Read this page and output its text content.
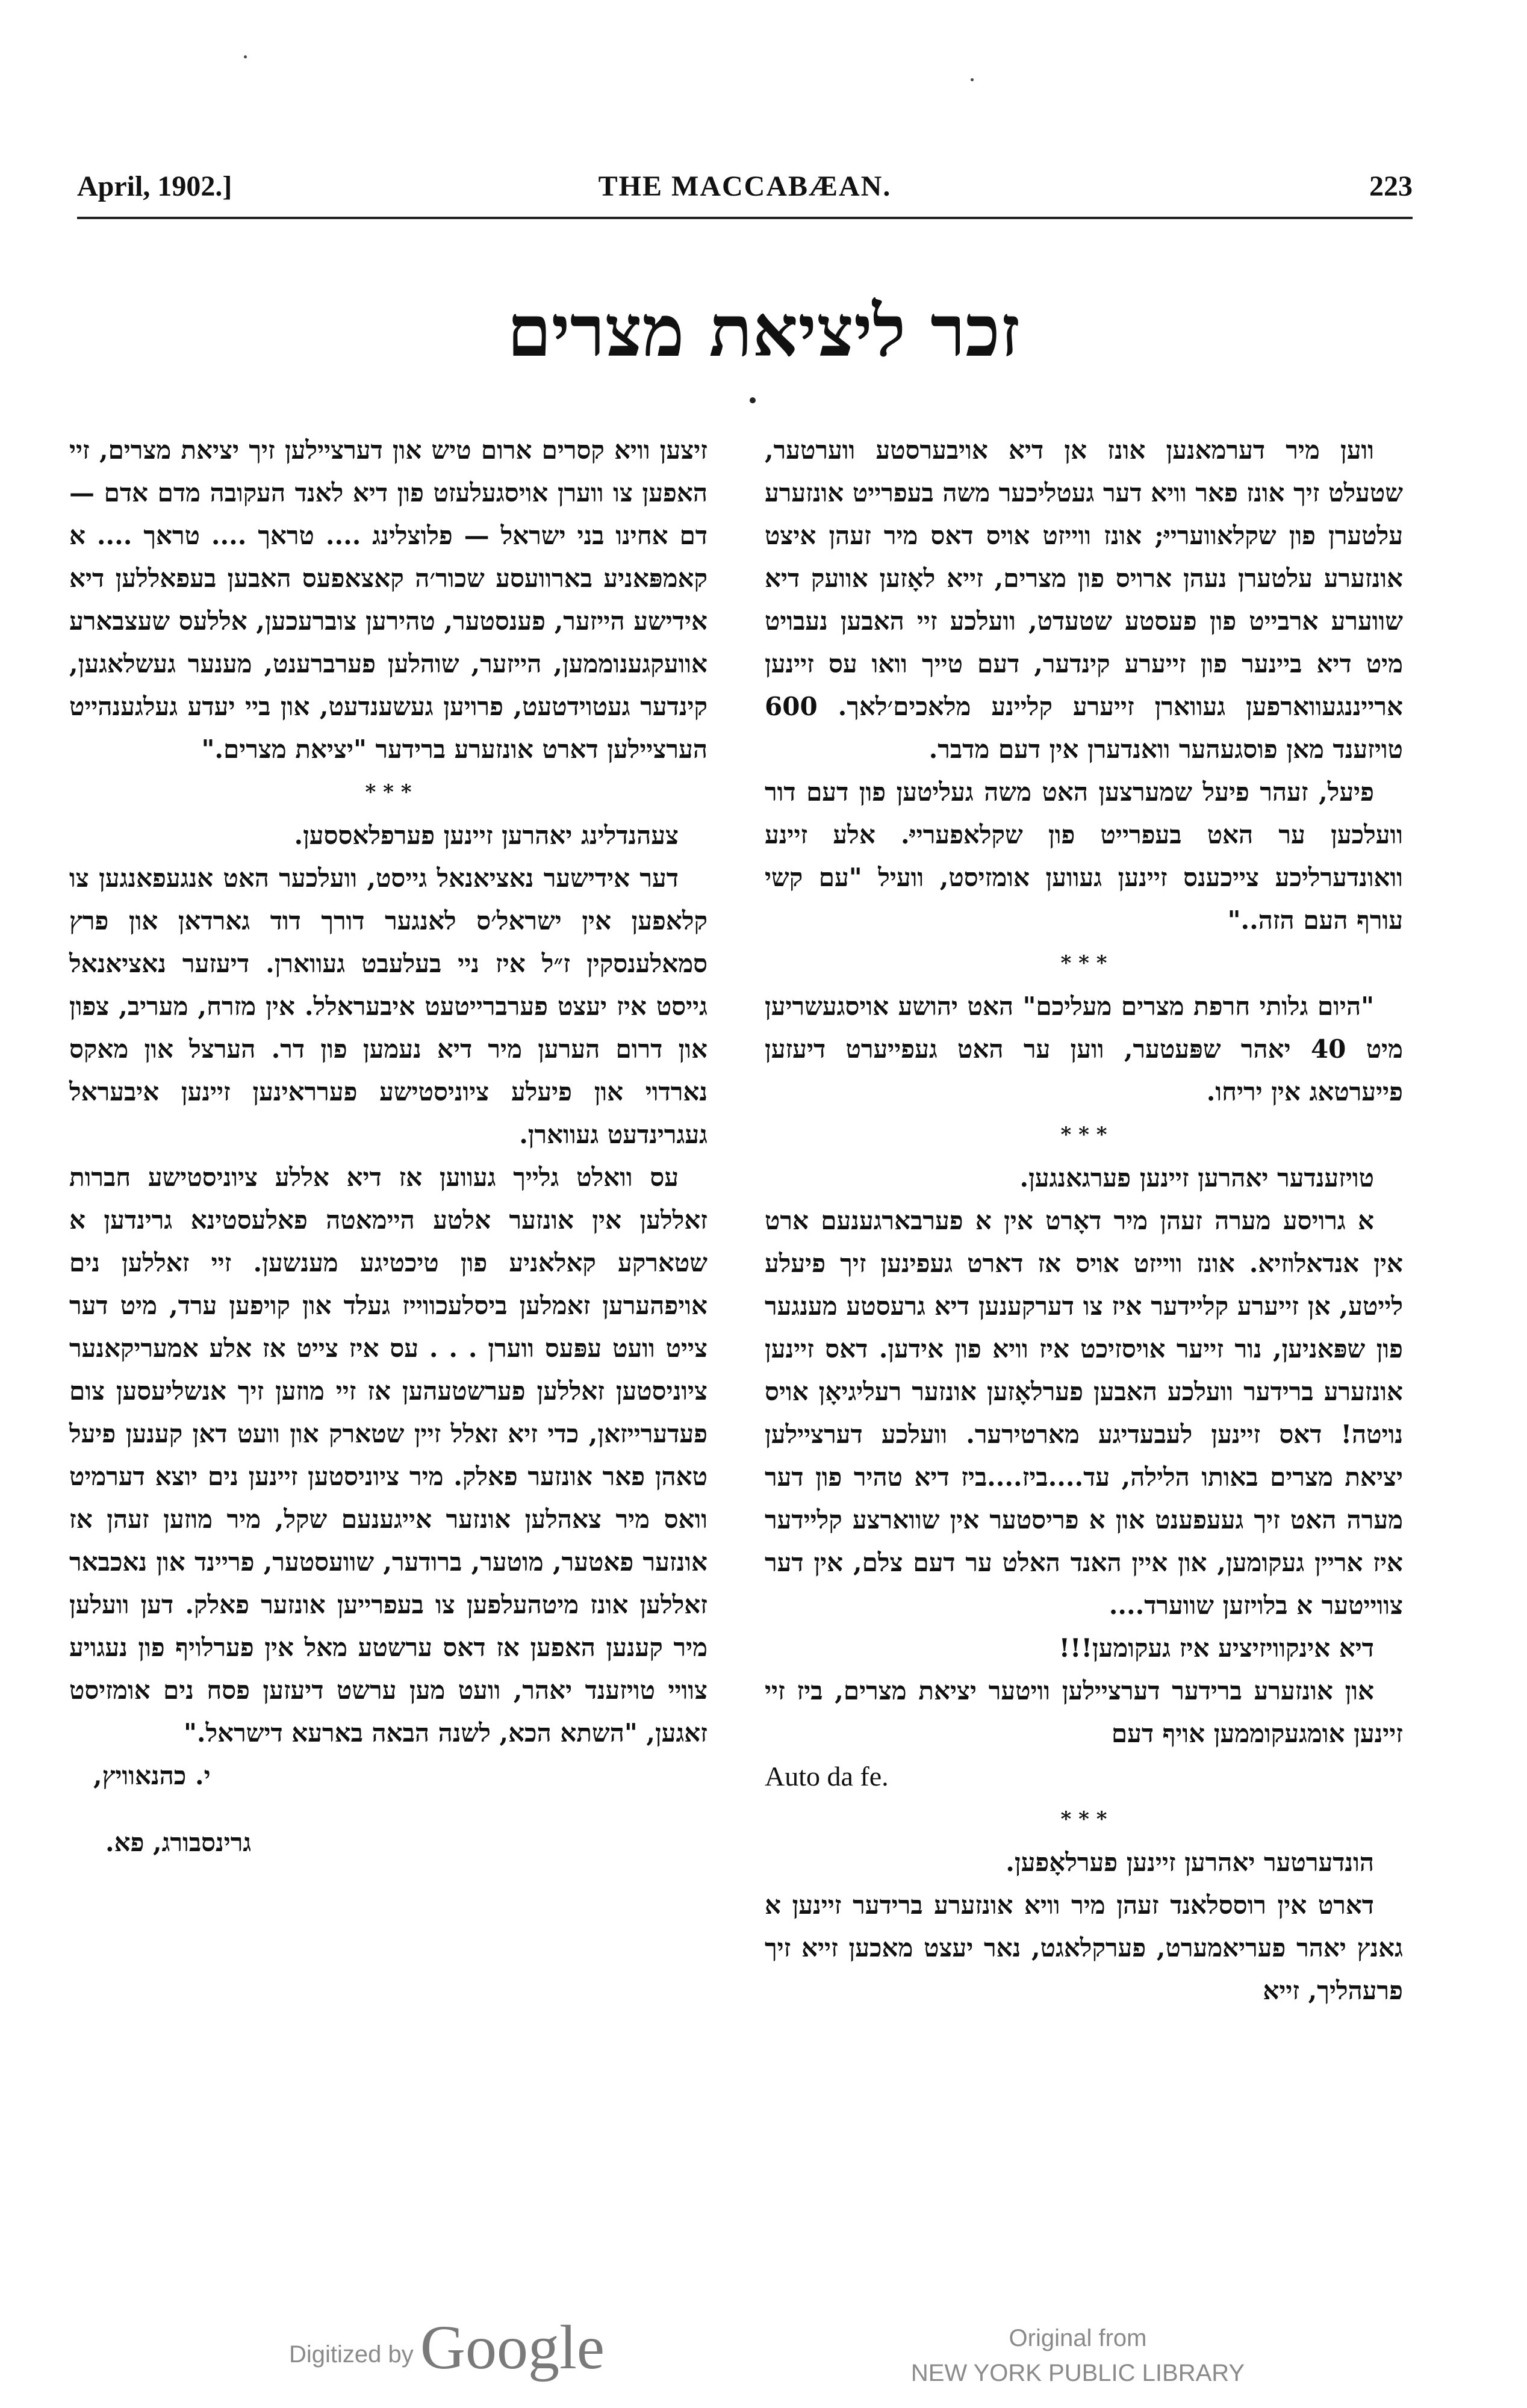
April, 1902.]	THE MACCABÆAN.	223
זכר ליציאת מצרים

ווען מיר דערמאנען אונז אן דיא אויבערסטע ווערטער, שטעלט זיך אונז פאר וויא דער געטליכער משה בעפרייט אונזערע עלטערן פון שקלאווערייּ; אונז ווייזט אויס דאס מיר זעהן איצט אונזערע עלטערן נעהן ארויס פון מצרים, זייא לאָזען אוועק דיא שווערע ארבייט פון פעסטע שטעדט, וועלכע זיי האבען נעבויט מיט דיא ביינער פון זייערע קינדער, דעם טייך וואו עס זיינען ארייננגעווארפען געווארן זייערע קליינע מלאכים׳לאך. 600 טויזענד מאן פוסגעהער וואנדערן אין דעם מדבר.

פיעל, זעהר פיעל שמערצען האט משה געליטען פון דעם דור וועלכען ער האט בעפרייט פון שקלאפערייּ. אלע זיינע וואונדערליכע צייכענס זיינען געווען אומזיסט, וועיל "עם קשי עורף העם הזה.."

* * *

"היום גלותי חרפת מצרים מעליכם" האט יהושע אויסגעשריען מיט 40 יאהר שפּעטער, ווען ער האט געפייערט דיעזען פייערטאג אין יריחו.

* * *

טויזענדער יאהרען זיינען פערגאנגען.

א גרויסע מערה זעהן מיר דאָרט אין א פערבארגענעם ארט אין אנדאלוזיא. אונז ווייזט אויס אז דארט געפינען זיך פיעלע לייטע, אן זייערע קליידער איז צו דערקענען דיא גרעסטע מענגער פון שפּאניען, נור זייער אויסזיכט איז וויא פון אידען. דאס זיינען אונזערע ברידער וועלכע האבען פערלאָזען אונזער רעליגיאָן אויס נויטה! דאס זיינען לעבעדיגע מארטירער. וועלכע דערציילען יציאת מצרים באותו הלילה, עד....ביז....ביז דיא טהיר פון דער מערה האט זיך געעפענט און א פריסטער אין שווארצע קליידער איז אריין געקומען, און איין האנד האלט ער דעם צלם, אין דער צווייטער א בלויזען שווערד....

דיא אינקוויזיציע איז געקומען!!!

און אונזערע ברידער דערציילען וויטער יציאת מצרים, ביז זיי זיינען אומגעקוממען אויף דעם

Auto da fe.
* * *

הונדערטער יאהרען זיינען פערלאָפען.

דארט אין רוססלאנד זעהן מיר וויא אונזערע ברידער זיינען א גאנץ יאהר פעריאמערט, פערקלאגט, נאר יעצט מאכען זייא זיך פרעהליך, זייא

זיצען וויא קסרים ארום טיש און דערציילען זיך יציאת מצרים, זיי האפען צו ווערן אויסגעלעזט פון דיא לאנד העקובה מדם אדם — דם אחינו בני ישראל — פלוצלינג .... טראך .... טראך .... א קאמפּאניע בארוועסע שכור׳ה קאצאפעס האבען בעפאללען דיא אידישע הייזער, פענסטער, טהירען צוברעכען, אללעס שעצבארע אוועקגענוממען, הייזער, שוהלען פערברענט, מענער געשלאגען, קינדער געטוידטעט, פרויען געשענדעט, און ביי יעדע געלגענהייט הערציילען דארט אונזערע ברידער "יציאת מצרים."

* * *

צעהנדלינג יאהרען זיינען פערפלאססען.

דער אידישער נאציאנאל גייסט, וועלכער האט אנגעפאנגען צו קלאפען אין ישראל׳ס לאנגער דורך דוד גארדאן און פרץ סמאלענסקין ז״ל איז ניי בעלעבט געווארן. דיעזער נאציאנאל גייסט איז יעצט פערברייטעט איבעראלל. אין מזרח, מעריב, צפון און דרום הערען מיר דיא נעמען פון דר. הערצל און מאקס נארדוי און פיעלע ציוניסטישע פערראינען זיינען איבעראל געגרינדעט געווארן.

עס וואלט גלייך געווען אז דיא אללע ציוניסטישע חברות זאללען אין אונזער אלטע היימאטה פאלעסטינא גרינדען א שטארקע קאלאניע פון טיכטיגע מענשען. זיי זאללען נים אויפהערען זאמלען ביסלעכווייז געלד און קויפען ערד, מיט דער צייט וועט עפּעס ווערן . . . עס איז צייט אז אלע אמעריקאנער ציוניסטען זאללען פערשטעהען אז זיי מוזען זיך אנשליעסען צום פעדערייזאן, כדי זיא זאלל זיין שטארק און וועט דאן קענען פיעל טאהן פאר אונזער פאלק. מיר ציוניסטען זיינען נים יוצא דערמיט וואס מיר צאהלען אונזער אייגענעם שקל, מיר מוזען זעהן אז אונזער פאטער, מוטער, ברודער, שוועסטער, פריינד און נאכבאר זאללען אונז מיטהעלפען צו בעפרייען אונזער פאלק. דען וועלען מיר קענען האפען אז דאס ערשטע מאל אין פערלויף פון נעגויע צוויי טויזענד יאהר, וועט מען ערשט דיעזען פסח נים אומזיסט זאגען, "השתא הכא, לשנה הבאה בארעא דישראל."

י. כהנאוויץ,
גרינסבורג, פא.
Digitized by Google	Original from
NEW YORK PUBLIC LIBRARY
